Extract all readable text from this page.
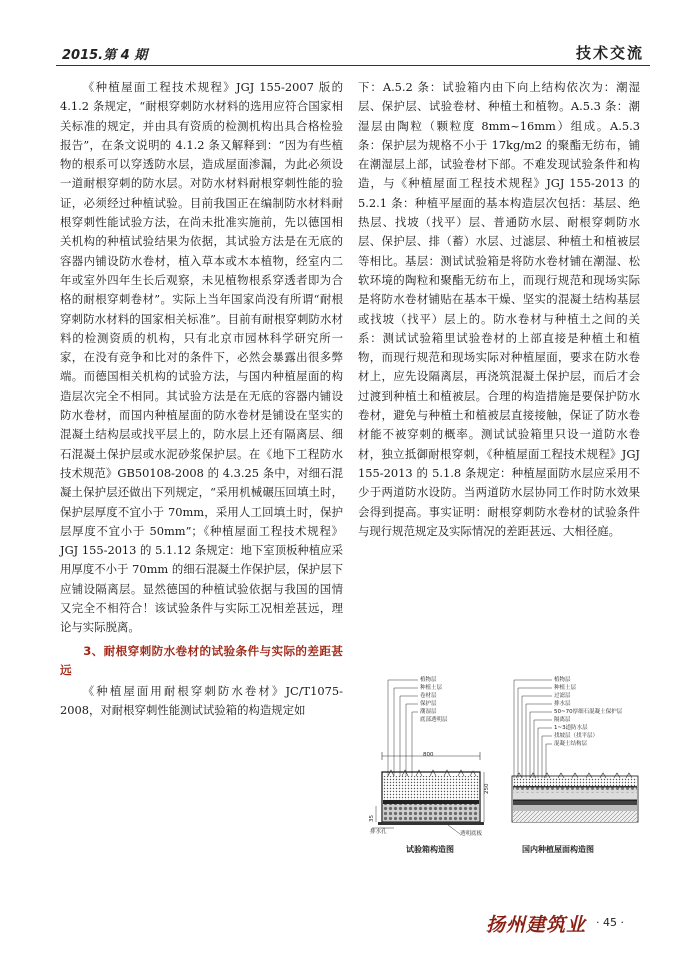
2015.第 4 期	技术交流

《种植屋面工程技术规程》JGJ 155-2007 版的 4.1.2 条规定，“耐根穿刺防水材料的选用应符合国家相关标准的规定，并由具有资质的检测机构出具合格检验报告”，在条文说明的 4.1.2 条又解释到：“因为有些植物的根系可以穿透防水层，造成屋面渗漏，为此必须设一道耐根穿刺的防水层。对防水材料耐根穿刺性能的验证，必须经过种植试验。目前我国正在编制防水材料耐根穿刺性能试验方法，在尚未批准实施前，先以德国相关机构的种植试验结果为依据，其试验方法是在无底的容器内铺设防水卷材，植入草本或木本植物，经室内二年或室外四年生长后观察，未见植物根系穿透者即为合格的耐根穿刺卷材”。实际上当年国家尚没有所谓“耐根穿刺防水材料的国家相关标准”。目前有耐根穿刺防水材料的检测资质的机构，只有北京市园林科学研究所一家，在没有竞争和比对的条件下，必然会暴露出很多弊端。而德国相关机构的试验方法，与国内种植屋面的构造层次完全不相同。其试验方法是在无底的容器内铺设防水卷材，而国内种植屋面的防水卷材是铺设在坚实的混凝土结构层或找平层上的，防水层上还有隔离层、细石混凝土保护层或水泥砂浆保护层。在《地下工程防水技术规范》GB50108-2008 的 4.3.25 条中，对细石混凝土保护层还做出下列规定，“采用机械碾压回填土时，保护层厚度不宜小于 70mm，采用人工回填土时，保护层厚度不宜小于 50mm”；《种植屋面工程技术规程》JGJ 155-2013 的 5.1.12 条规定：地下室顶板种植应采用厚度不小于 70mm 的细石混凝土作保护层，保护层下应铺设隔离层。显然德国的种植试验依据与我国的国情又完全不相符合！该试验条件与实际工况相差甚远，理论与实际脱离。

3、耐根穿刺防水卷材的试验条件与实际的差距甚远

《种植屋面用耐根穿刺防水卷材》JC/T1075-2008，对耐根穿刺性能测试试验箱的构造规定如

下：A.5.2 条：试验箱内由下向上结构依次为：潮湿层、保护层、试验卷材、种植土和植物。A.5.3 条：潮湿层由陶粒（颗粒度 8mm~16mm）组成。A.5.3 条：保护层为规格不小于 17kg/m2 的聚酯无纺布，铺在潮湿层上部，试验卷材下部。不难发现试验条件和构造，与《种植屋面工程技术规程》JGJ 155-2013 的 5.2.1 条：种植平屋面的基本构造层次包括：基层、绝热层、找坡（找平）层、普通防水层、耐根穿刺防水层、保护层、排（蓄）水层、过滤层、种植土和植被层等相比。基层：测试试验箱是将防水卷材铺在潮湿、松软环境的陶粒和聚酯无纺布上，而现行规范和现场实际是将防水卷材铺贴在基本干燥、坚实的混凝土结构基层或找坡（找平）层上的。防水卷材与种植土之间的关系：测试试验箱里试验卷材的上部直接是种植土和植物，而现行规范和现场实际对种植屋面，要求在防水卷材上，应先设隔离层，再浇筑混凝土保护层，而后才会过渡到种植土和植被层。合理的构造措施是要保护防水卷材，避免与种植土和植被层直接接触，保证了防水卷材能不被穿刺的概率。测试试验箱里只设一道防水卷材，独立抵御耐根穿刺，《种植屋面工程技术规程》JGJ 155-2013 的 5.1.8 条规定：种植屋面防水层应采用不少于两道防水设防。当两道防水层协同工作时防水效果会得到提高。事实证明：耐根穿刺防水卷材的试验条件与现行规范规定及实际情况的差距甚远、大相径庭。

植物层
种植土层
卷材层
保护层
潮湿层
底部透明层
800
250
35
排水孔	透明底板
试验箱构造图
植物层
种植土层
过滤层
排水层
50~70厚细石混凝土保护层
隔离层
1~3道防水层
找坡层（找平层）
混凝土结构层
国内种植屋面构造图
扬州建筑业 · 45 ·
